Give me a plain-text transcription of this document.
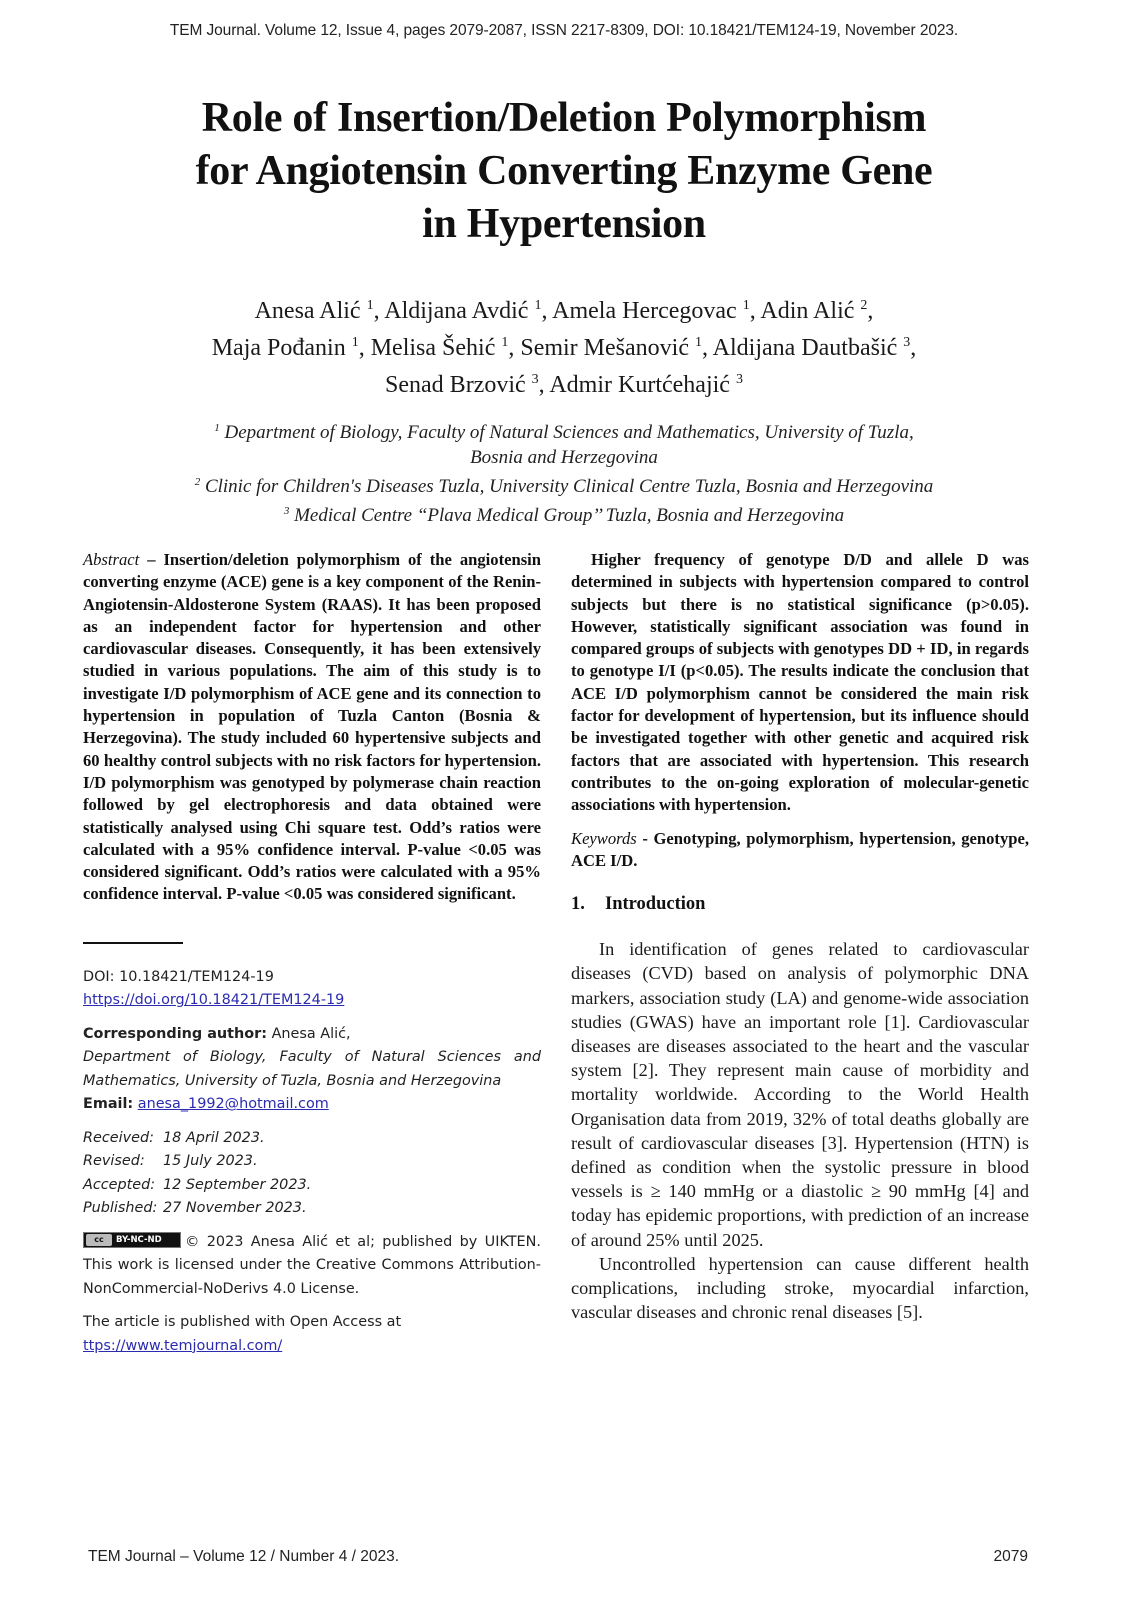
TEM Journal. Volume 12, Issue 4, pages 2079-2087, ISSN 2217-8309, DOI: 10.18421/TEM124-19, November 2023.
Role of Insertion/Deletion Polymorphism
for Angiotensin Converting Enzyme Gene
in Hypertension
Anesa Alić $^1$, Aldijana Avdić $^1$, Amela Hercegovac $^1$, Adin Alić $^2$,
Maja Pođanin $^1$, Melisa Šehić $^1$, Semir Mešanović $^1$, Aldijana Dautbašić $^3$,
Senad Brzović $^3$, Admir Kurtćehajić $^3$
$^1$ Department of Biology, Faculty of Natural Sciences and Mathematics, University of Tuzla,
Bosnia and Herzegovina
$^2$ Clinic for Children's Diseases Tuzla, University Clinical Centre Tuzla, Bosnia and Herzegovina
$^3$ Medical Centre “Plava Medical Group’’ Tuzla, Bosnia and Herzegovina

Abstract – Insertion/deletion polymorphism of the angiotensin converting enzyme (ACE) gene is a key component of the Renin-Angiotensin-Aldosterone System (RAAS). It has been proposed as an independent factor for hypertension and other cardiovascular diseases. Consequently, it has been extensively studied in various populations. The aim of this study is to investigate I/D polymorphism of ACE gene and its connection to hypertension in population of Tuzla Canton (Bosnia & Herzegovina). The study included 60 hypertensive subjects and 60 healthy control subjects with no risk factors for hypertension. I/D polymorphism was genotyped by polymerase chain reaction followed by gel electrophoresis and data obtained were statistically analysed using Chi square test. Odd’s ratios were calculated with a 95% confidence interval. P-value <0.05 was considered significant. Odd’s ratios were calculated with a 95% confidence interval. P-value <0.05 was considered significant.

DOI: 10.18421/TEM124-19
https://doi.org/10.18421/TEM124-19
Corresponding author: Anesa Alić,
Department of Biology, Faculty of Natural Sciences and Mathematics, University of Tuzla, Bosnia and Herzegovina
Email: anesa_1992@hotmail.com
Received: 18 April 2023.
Revised:	15 July 2023.
Accepted: 12 September 2023.
Published: 27 November 2023.
cc	BY-NC-ND © 2023 Anesa Alić et al; published by UIKTEN. This work is licensed under the Creative Commons Attribution-NonCommercial-NoDerivs 4.0 License.
The article is published with Open Access at
ttps://www.temjournal.com/

Higher frequency of genotype D/D and allele D was determined in subjects with hypertension compared to control subjects but there is no statistical significance (p>0.05). However, statistically significant association was found in compared groups of subjects with genotypes DD + ID, in regards to genotype I/I (p<0.05). The results indicate the conclusion that ACE I/D polymorphism cannot be considered the main risk factor for development of hypertension, but its influence should be investigated together with other genetic and acquired risk factors that are associated with hypertension. This research contributes to the on-going exploration of molecular-genetic associations with hypertension.

Keywords - Genotyping, polymorphism, hypertension, genotype, ACE I/D.

1. Introduction

In identification of genes related to cardiovascular diseases (CVD) based on analysis of polymorphic DNA markers, association study (LA) and genome-wide association studies (GWAS) have an important role [1]. Cardiovascular diseases are diseases associated to the heart and the vascular system [2]. They represent main cause of morbidity and mortality worldwide. According to the World Health Organisation data from 2019, 32% of total deaths globally are result of cardiovascular diseases [3]. Hypertension (HTN) is defined as condition when the systolic pressure in blood vessels is ≥ 140 mmHg or a diastolic ≥ 90 mmHg [4] and today has epidemic proportions, with prediction of an increase of around 25% until 2025.

Uncontrolled hypertension can cause different health complications, including stroke, myocardial infarction, vascular diseases and chronic renal diseases [5].

TEM Journal – Volume 12 / Number 4 / 2023.	2079
